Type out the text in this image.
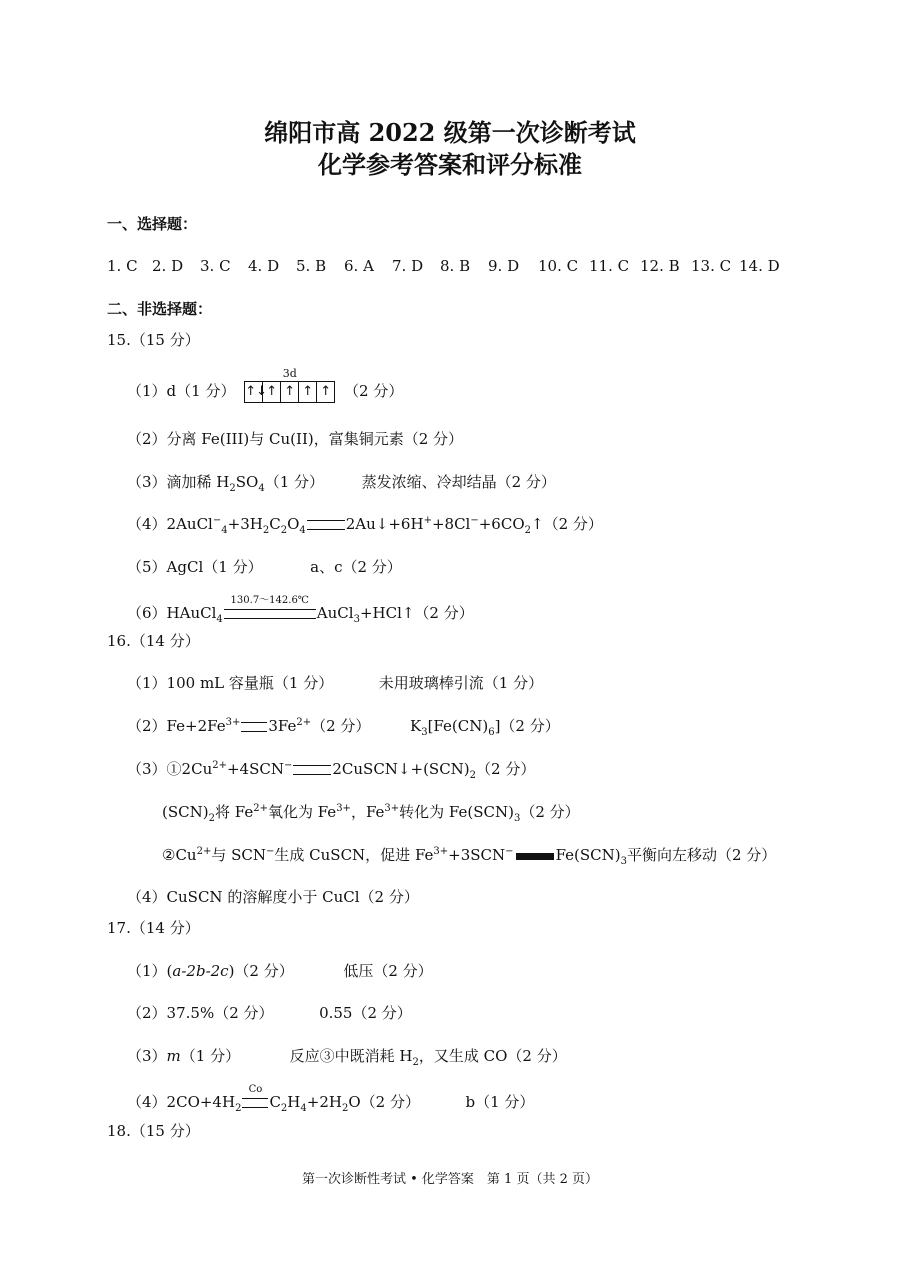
绵阳市高 2022 级第一次诊断考试
化学参考答案和评分标准
一、选择题：
1. C 2. D 3. C 4. D 5. B 6. A 7. D 8. B 9. D 10. C 11. C 12. B 13. C 14. D
二、非选择题：
15.（15 分）
（1）d（1 分）
3d
↑↓ ↑ ↑ ↑ ↑ （2 分）
（2）分离 Fe(III)与 Cu(II)，富集铜元素（2 分）
（3）滴加稀 $H_2SO_4(1$ 分）	蒸发浓缩、冷却结晶（2 分）
$(4)2AuCl^-_4+3H_2C_2O_4$	$2Au↓+6H^++8Cl^-+6CO_2↑(2$ 分）
（5）AgCl（1 分）	a、c（2 分）
（6）HAuCl$_4$
130.7～142.6℃
AuCl$_3$+HCl↑（2 分）
16.（14 分）
（1）100 mL 容量瓶（1 分）	未用玻璃棒引流（1 分）
$(2)Fe+2Fe^{3+}$ $3Fe^{2+}(2$ 分）	$K_3[Fe(CN)_6](2$ 分）
$(3)①2Cu^{2+}+4SCN^-$	$2CuSCN↓+(SCN)_2(2$ 分）
$(SCN)_2$将 $Fe^{2+}$氧化为 $Fe^{3+}$，$Fe^{3+}$转化为 $Fe(SCN)_3(2$ 分）
$②Cu^{2+}$与 SCN−生成 CuSCN，促进 $Fe^{3+}+3SCN^-$	$Fe(SCN)_3$平衡向左移动（2 分）
（4）CuSCN 的溶解度小于 CuCl（2 分）
17.（14 分）
（1）(a-2b-2c)（2 分）	低压（2 分）
（2）37.5%（2 分）	0.55（2 分）
（3）m（1 分）	反应③中既消耗 $H_2$，又生成 CO（2 分）
$(4)2CO+4H_2$
Co
$C_2H_4+2H_2O(2$ 分）	b（1 分）
18.（15 分）
第一次诊断性考试 • 化学答案　第 1 页（共 2 页）
